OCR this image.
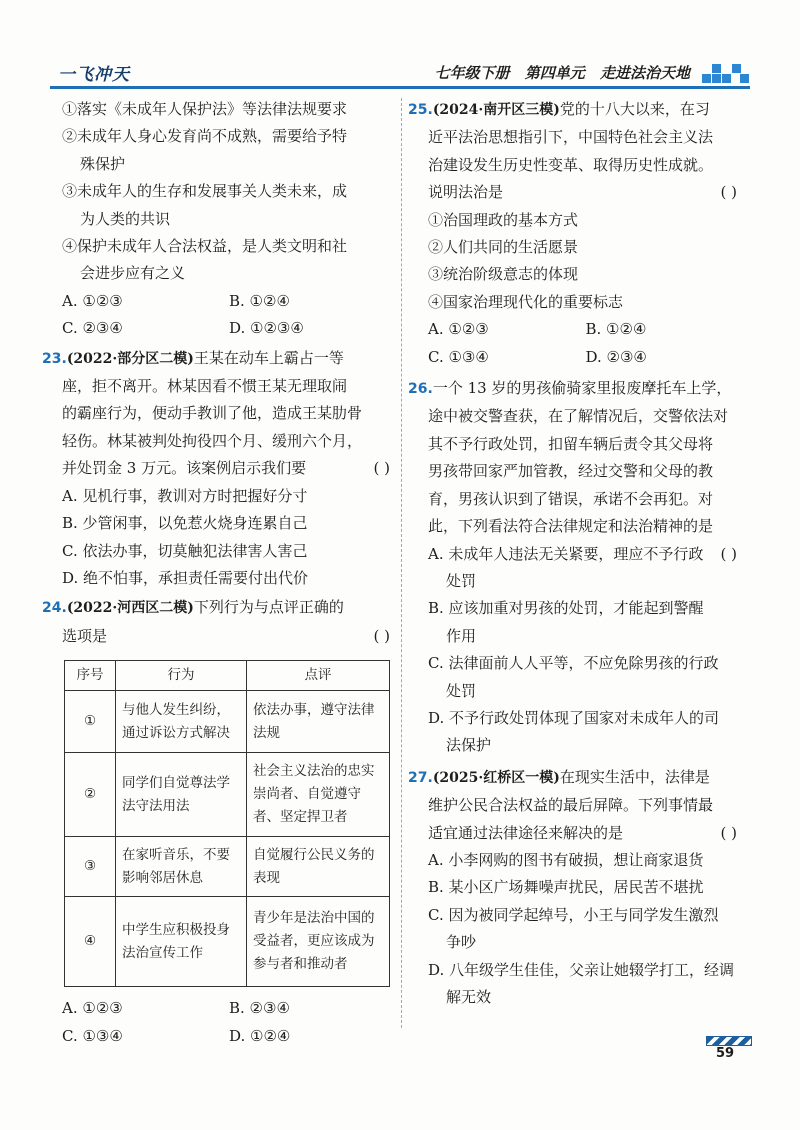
一飞冲天	七年级下册 第四单元 走进法治天地
①落实《未成年人保护法》等法律法规要求
②未成年人身心发育尚不成熟，需要给予特
殊保护
③未成年人的生存和发展事关人类未来，成
为人类的共识
④保护未成年人合法权益，是人类文明和社
会进步应有之义
A. ①②③	B. ①②④
C. ②③④	D. ①②③④
23.(2022·部分区二模)王某在动车上霸占一等
座，拒不离开。林某因看不惯王某无理取闹
的霸座行为，便动手教训了他，造成王某肋骨
轻伤。林某被判处拘役四个月、缓刑六个月，
并处罚金 3 万元。该案例启示我们要	( )
A. 见机行事，教训对方时把握好分寸
B. 少管闲事，以免惹火烧身连累自己
C. 依法办事，切莫触犯法律害人害己
D. 绝不怕事，承担责任需要付出代价
24.(2022·河西区二模)下列行为与点评正确的
选项是	( )
序号	行为	点评
①	与他人发生纠纷，通过诉讼方式解决	依法办事，遵守法律法规
②	同学们自觉尊法学法守法用法	社会主义法治的忠实崇尚者、自觉遵守者、坚定捍卫者
③	在家听音乐，不要影响邻居休息	自觉履行公民义务的表现
④	中学生应积极投身法治宣传工作	青少年是法治中国的受益者，更应该成为参与者和推动者
A. ①②③	B. ②③④
C. ①③④	D. ①②④
25.(2024·南开区三模)党的十八大以来，在习
近平法治思想指引下，中国特色社会主义法
治建设发生历史性变革、取得历史性成就。
说明法治是	( )
①治国理政的基本方式
②人们共同的生活愿景
③统治阶级意志的体现
④国家治理现代化的重要标志
A. ①②③	B. ①②④
C. ①③④	D. ②③④
26.一个 13 岁的男孩偷骑家里报废摩托车上学，
途中被交警查获，在了解情况后，交警依法对
其不予行政处罚，扣留车辆后责令其父母将
男孩带回家严加管教，经过交警和父母的教
育，男孩认识到了错误，承诺不会再犯。对
此，下列看法符合法律规定和法治精神的是
( )
A. 未成年人违法无关紧要，理应不予行政
处罚
B. 应该加重对男孩的处罚，才能起到警醒
作用
C. 法律面前人人平等，不应免除男孩的行政
处罚
D. 不予行政处罚体现了国家对未成年人的司
法保护
27.(2025·红桥区一模)在现实生活中，法律是
维护公民合法权益的最后屏障。下列事情最
适宜通过法律途径来解决的是	( )
A. 小李网购的图书有破损，想让商家退货
B. 某小区广场舞噪声扰民，居民苦不堪扰
C. 因为被同学起绰号，小王与同学发生激烈
争吵
D. 八年级学生佳佳，父亲让她辍学打工，经调
解无效
59
